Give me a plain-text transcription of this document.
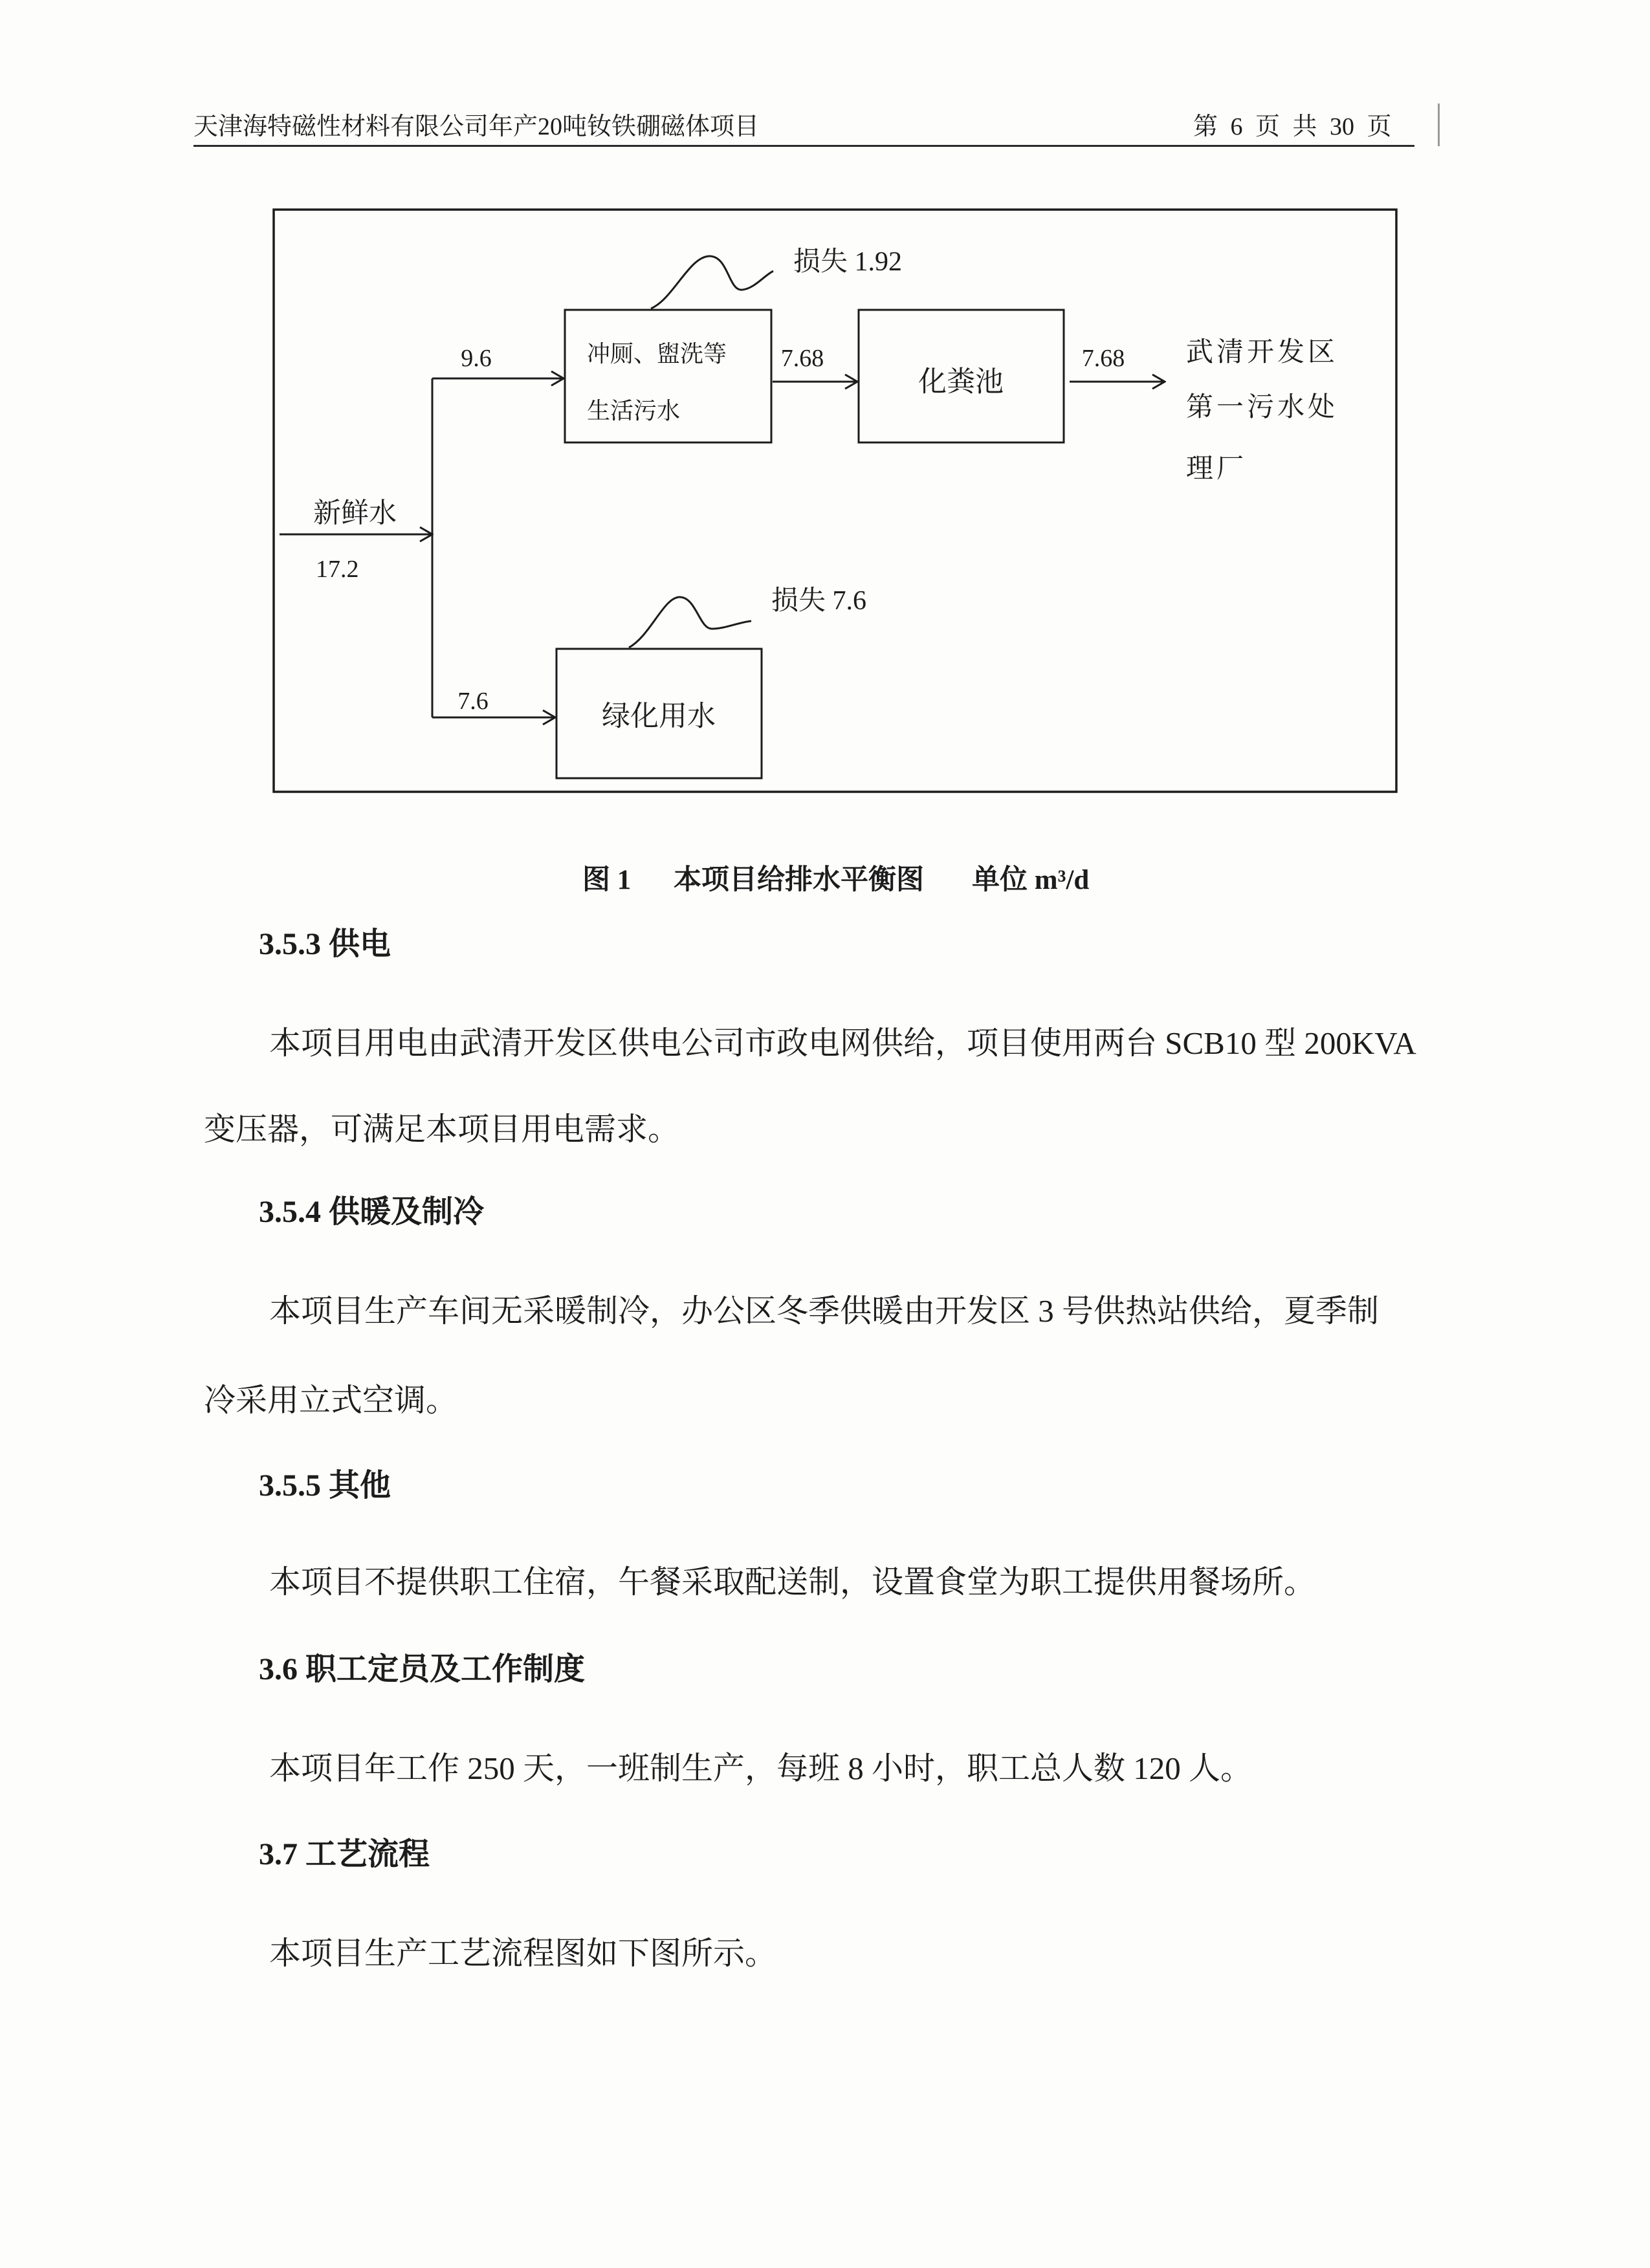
天津海特磁性材料有限公司年产20吨钕铁硼磁体项目	第 6 页 共 30 页
新鲜水
17.2
9.6	冲厕、盥洗等
生活污水
损失 1.92
7.68
化粪池
7.68 武清开发区
第一污水处
理厂
7.6	绿化用水
损失 7.6
图 1 本项目给排水平衡图 单位 m³/d
3.5.3 供电
本项目用电由武清开发区供电公司市政电网供给，项目使用两台 SCB10 型 200KVA
变压器，可满足本项目用电需求。
3.5.4 供暖及制冷
本项目生产车间无采暖制冷，办公区冬季供暖由开发区 3 号供热站供给，夏季制
冷采用立式空调。
3.5.5 其他
本项目不提供职工住宿，午餐采取配送制，设置食堂为职工提供用餐场所。
3.6 职工定员及工作制度
本项目年工作 250 天，一班制生产，每班 8 小时，职工总人数 120 人。
3.7 工艺流程
本项目生产工艺流程图如下图所示。
